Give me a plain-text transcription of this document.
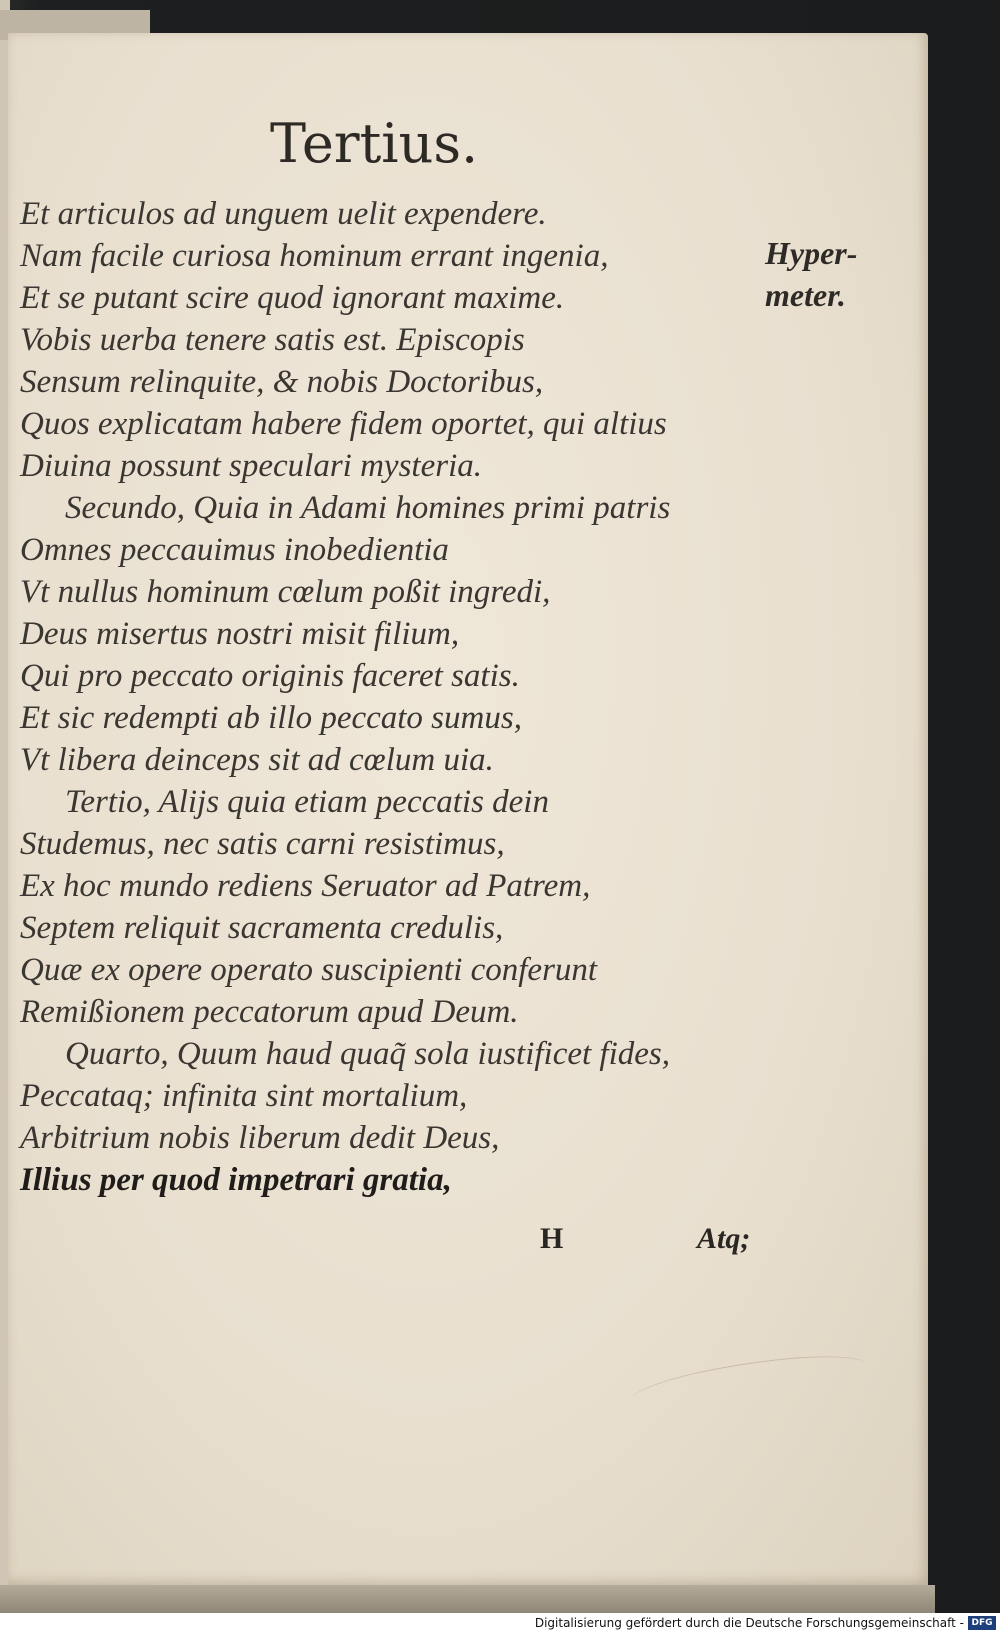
Tertius.
Et articulos ad unguem uelit expendere.
Nam facile curiosa hominum errant ingenia,
Et se putant scire quod ignorant maxime.
Vobis uerba tenere satis est. Episcopis
Sensum relinquite, & nobis Doctoribus,
Quos explicatam habere fidem oportet, qui altius
Diuina possunt speculari mysteria.
Secundo, Quia in Adami homines primi patris
Omnes peccauimus inobedientia
Vt nullus hominum cœlum poßit ingredi,
Deus misertus nostri misit filium,
Qui pro peccato originis faceret satis.
Et sic redempti ab illo peccato sumus,
Vt libera deinceps sit ad cœlum uia.
Tertio, Alijs quia etiam peccatis dein
Studemus, nec satis carni resistimus,
Ex hoc mundo rediens Seruator ad Patrem,
Septem reliquit sacramenta credulis,
Quæ ex opere operato suscipienti conferunt
Remißionem peccatorum apud Deum.
Quarto, Quum haud quaq̃ sola iustificet fides,
Peccataq; infinita sint mortalium,
Arbitrium nobis liberum dedit Deus,
Illius per quod impetrari gratia,
Hyper-
meter.
H	Atq;
Digitalisierung gefördert durch die Deutsche Forschungsgemeinschaft - DFG
